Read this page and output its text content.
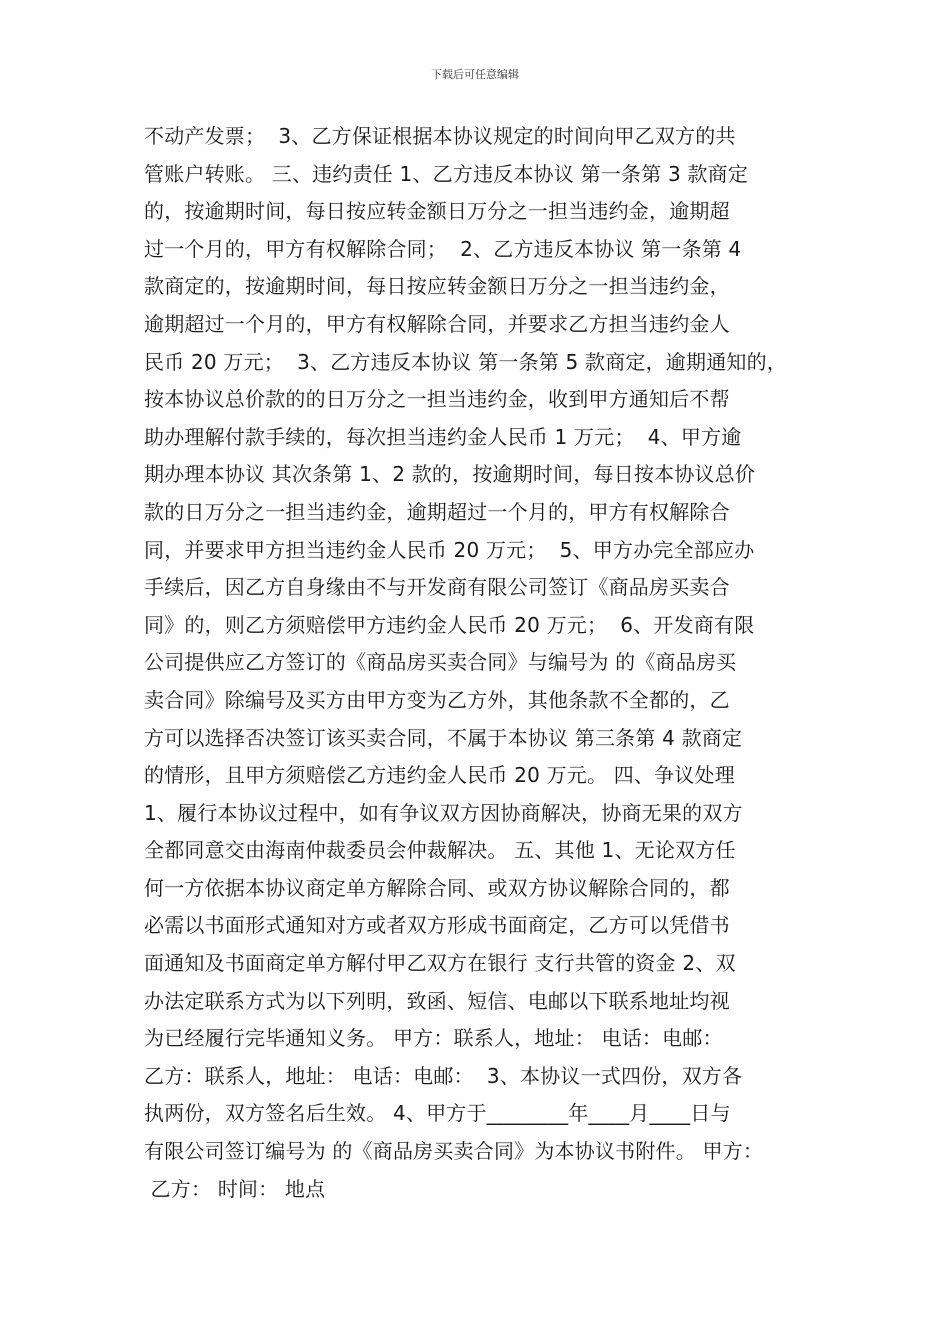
下载后可任意编辑
不动产发票；  3、乙方保证根据本协议规定的时间向甲乙双方的共
管账户转账。 三、违约责任 1、乙方违反本协议 第一条第 3 款商定
的，按逾期时间，每日按应转金额日万分之一担当违约金，逾期超
过一个月的，甲方有权解除合同；  2、乙方违反本协议 第一条第 4
款商定的，按逾期时间，每日按应转金额日万分之一担当违约金，
逾期超过一个月的，甲方有权解除合同，并要求乙方担当违约金人
民币 20 万元；  3、乙方违反本协议 第一条第 5 款商定，逾期通知的，
按本协议总价款的的日万分之一担当违约金，收到甲方通知后不帮
助办理解付款手续的，每次担当违约金人民币 1 万元；  4、甲方逾
期办理本协议 其次条第 1、2 款的，按逾期时间，每日按本协议总价
款的日万分之一担当违约金，逾期超过一个月的，甲方有权解除合
同，并要求甲方担当违约金人民币 20 万元；  5、甲方办完全部应办
手续后，因乙方自身缘由不与开发商有限公司签订《商品房买卖合
同》的，则乙方须赔偿甲方违约金人民币 20 万元；  6、开发商有限
公司提供应乙方签订的《商品房买卖合同》与编号为 的《商品房买
卖合同》除编号及买方由甲方变为乙方外，其他条款不全都的，乙
方可以选择否决签订该买卖合同，不属于本协议 第三条第 4 款商定
的情形，且甲方须赔偿乙方违约金人民币 20 万元。 四、争议处理
1、履行本协议过程中，如有争议双方因协商解决，协商无果的双方
全都同意交由海南仲裁委员会仲裁解决。 五、其他 1、无论双方任
何一方依据本协议商定单方解除合同、或双方协议解除合同的，都
必需以书面形式通知对方或者双方形成书面商定，乙方可以凭借书
面通知及书面商定单方解付甲乙双方在银行 支行共管的资金 2、双
办法定联系方式为以下列明，致函、短信、电邮以下联系地址均视
为已经履行完毕通知义务。 甲方：联系人，地址： 电话：电邮：
乙方：联系人，地址： 电话：电邮：  3、本协议一式四份，双方各
执两份，双方签名后生效。 4、甲方于________年____月____日与
有限公司签订编号为 的《商品房买卖合同》为本协议书附件。 甲方：
乙方： 时间： 地点
